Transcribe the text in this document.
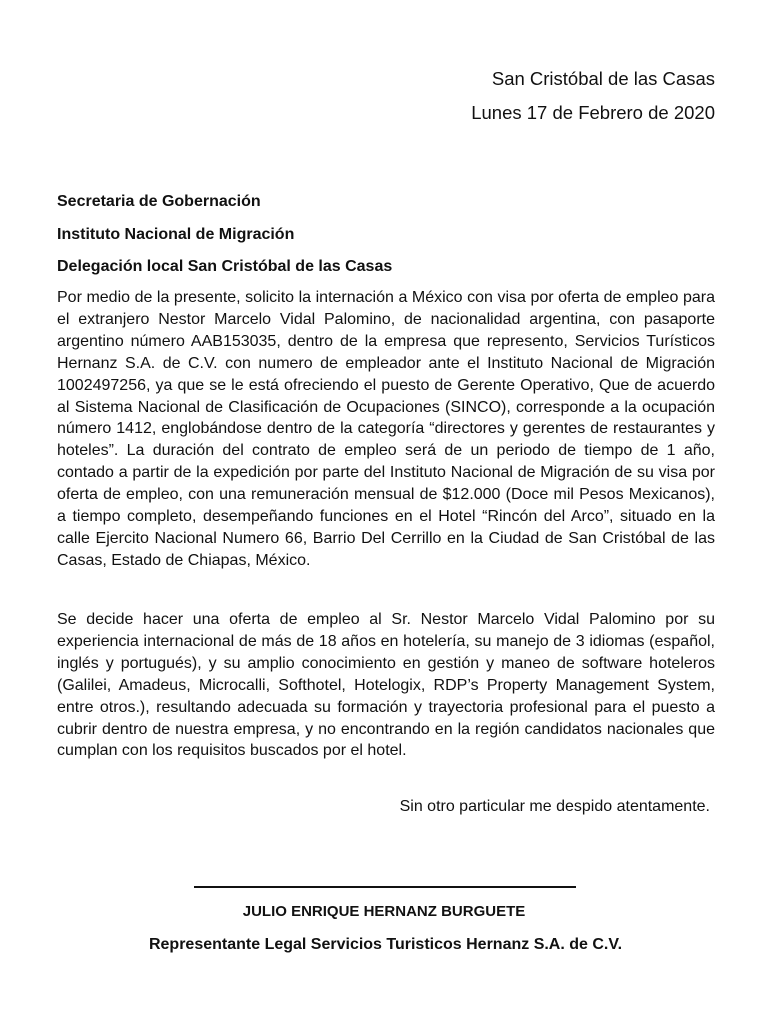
San Cristóbal de las Casas
Lunes 17 de Febrero de 2020
Secretaria de Gobernación
Instituto Nacional de Migración
Delegación local San Cristóbal de las Casas

Por medio de la presente, solicito la internación a México con visa por oferta de empleo para el extranjero Nestor Marcelo Vidal Palomino, de nacionalidad argentina, con pasaporte argentino número AAB153035, dentro de la empresa que represento, Servicios Turísticos Hernanz S.A. de C.V. con numero de empleador ante el Instituto Nacional de Migración 1002497256, ya que se le está ofreciendo el puesto de Gerente Operativo, Que de acuerdo al Sistema Nacional de Clasificación de Ocupaciones (SINCO), corresponde a la ocupación número 1412, englobándose dentro de la categoría “directores y gerentes de restaurantes y hoteles”. La duración del contrato de empleo será de un periodo de tiempo de 1 año, contado a partir de la expedición por parte del Instituto Nacional de Migración de su visa por oferta de empleo, con una remuneración mensual de $12.000 (Doce mil Pesos Mexicanos), a tiempo completo, desempeñando funciones en el Hotel “Rincón del Arco”, situado en la calle Ejercito Nacional Numero 66, Barrio Del Cerrillo en la Ciudad de San Cristóbal de las Casas, Estado de Chiapas, México.

Se decide hacer una oferta de empleo al Sr. Nestor Marcelo Vidal Palomino por su experiencia internacional de más de 18 años en hotelería, su manejo de 3 idiomas (español, inglés y portugués), y su amplio conocimiento en gestión y maneo de software hoteleros (Galilei, Amadeus, Microcalli, Softhotel, Hotelogix, RDP’s Property Management System, entre otros.), resultando adecuada su formación y trayectoria profesional para el puesto a cubrir dentro de nuestra empresa, y no encontrando en la región candidatos nacionales que cumplan con los requisitos buscados por el hotel.

Sin otro particular me despido atentamente.
JULIO ENRIQUE HERNANZ BURGUETE
Representante Legal Servicios Turisticos Hernanz S.A. de C.V.
